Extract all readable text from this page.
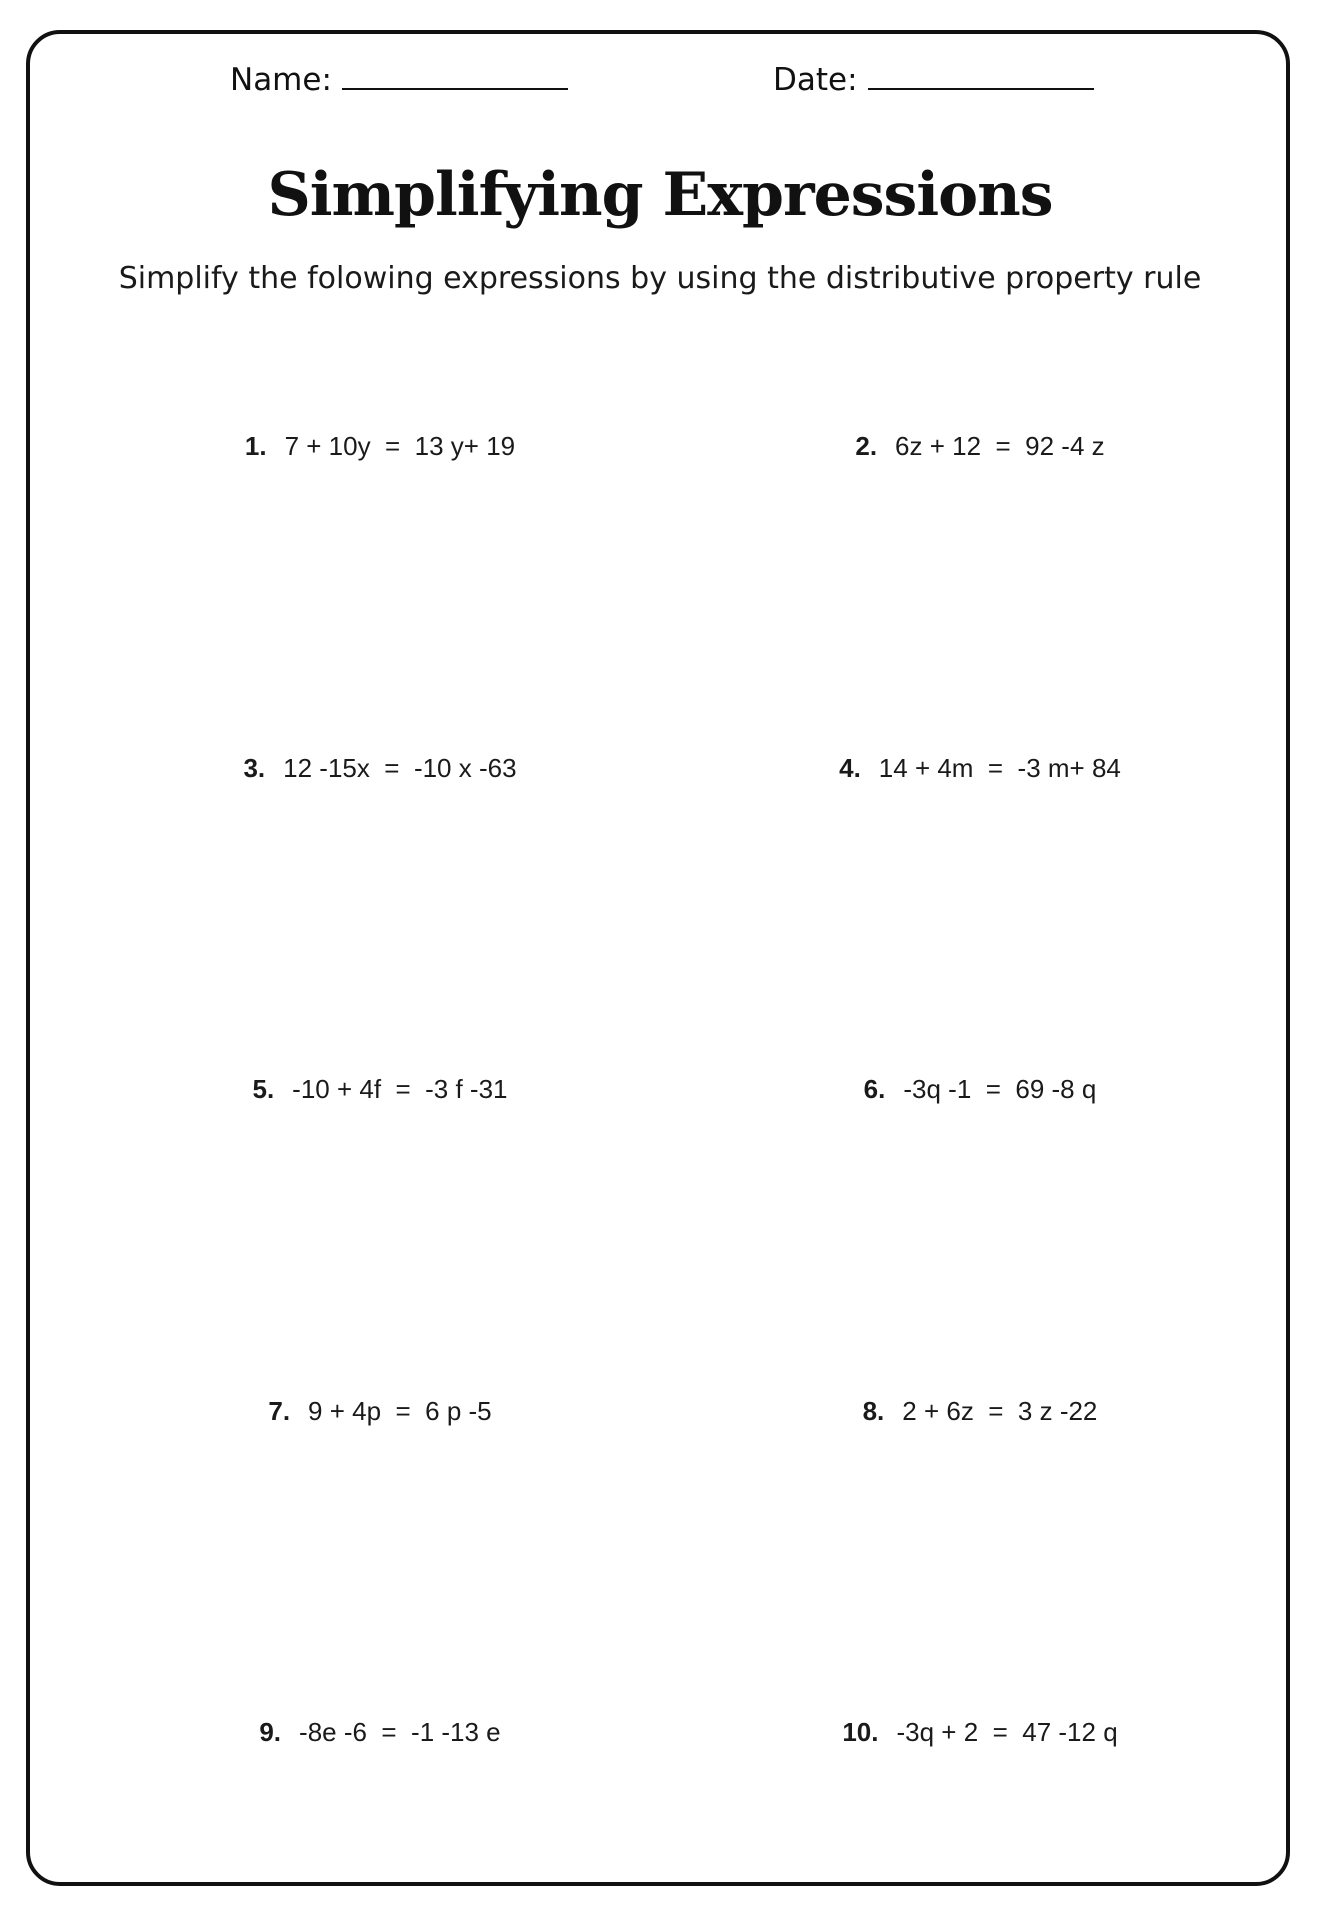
Name:	Date:
Simplifying Expressions
Simplify the folowing expressions by using the distributive property rule
1. 7 + 10y  =  13 y+ 19	2. 6z + 12  =  92 -4 z
3. 12 -15x  =  -10 x -63	4. 14 + 4m  =  -3 m+ 84
5. -10 + 4f  =  -3 f -31	6. -3q -1  =  69 -8 q
7. 9 + 4p  =  6 p -5	8. 2 + 6z  =  3 z -22
9. -8e -6  =  -1 -13 e	10. -3q + 2  =  47 -12 q
